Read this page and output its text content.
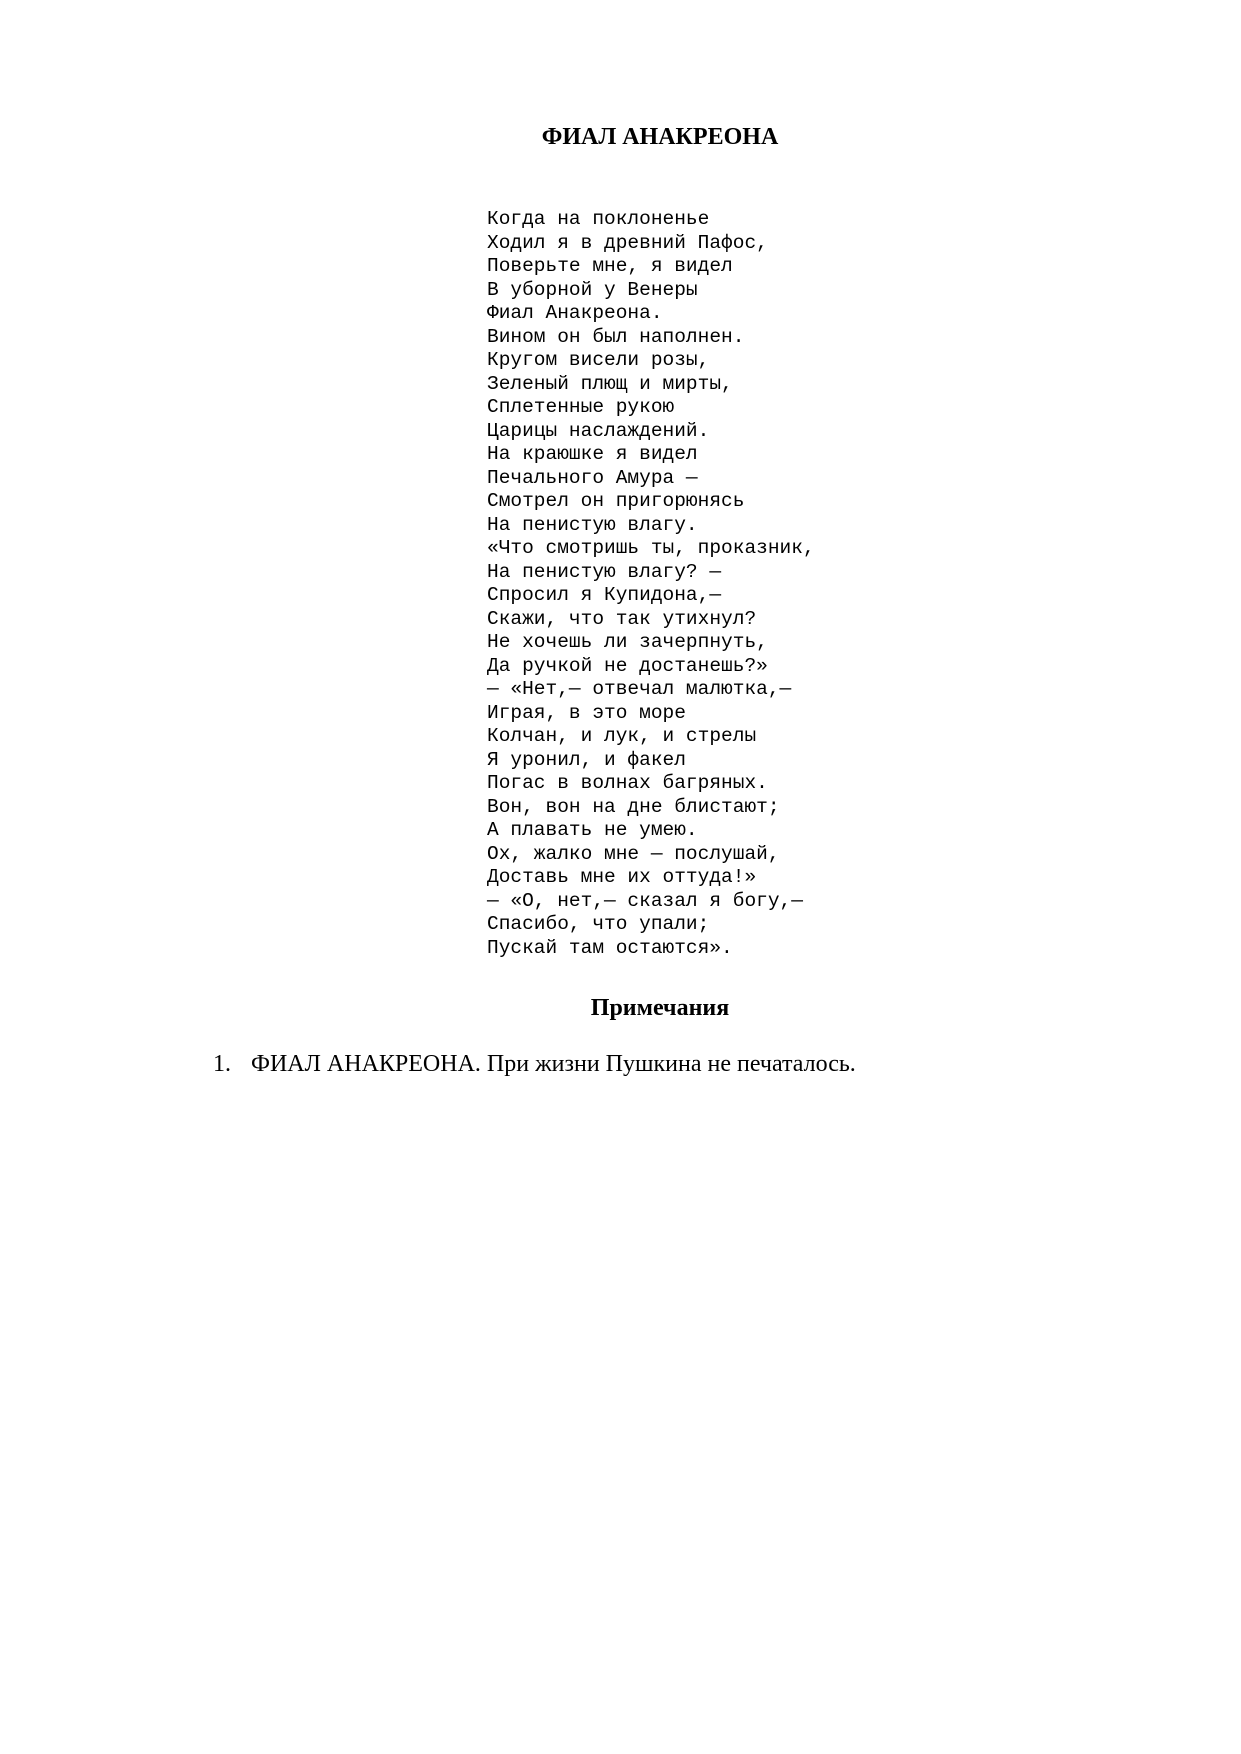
ФИАЛ АНАКРЕОНА
Когда на поклоненье
Ходил я в древний Пафос,
Поверьте мне, я видел
В уборной у Венеры
Фиал Анакреона.
Вином он был наполнен.
Кругом висели розы,
Зеленый плющ и мирты,
Сплетенные рукою
Царицы наслаждений.
На краюшке я видел
Печального Амура —
Смотрел он пригорюнясь
На пенистую влагу.
«Что смотришь ты, проказник,
На пенистую влагу? —
Спросил я Купидона,—
Скажи, что так утихнул?
Не хочешь ли зачерпнуть,
Да ручкой не достанешь?»
— «Нет,— отвечал малютка,—
Играя, в это море
Колчан, и лук, и стрелы
Я уронил, и факел
Погас в волнах багряных.
Вон, вон на дне блистают;
А плавать не умею.
Ох, жалко мне — послушай,
Доставь мне их оттуда!»
— «О, нет,— сказал я богу,—
Спасибо, что упали;
Пускай там остаются».
Примечания
1. ФИАЛ АНАКРЕОНА. При жизни Пушкина не печаталось.
